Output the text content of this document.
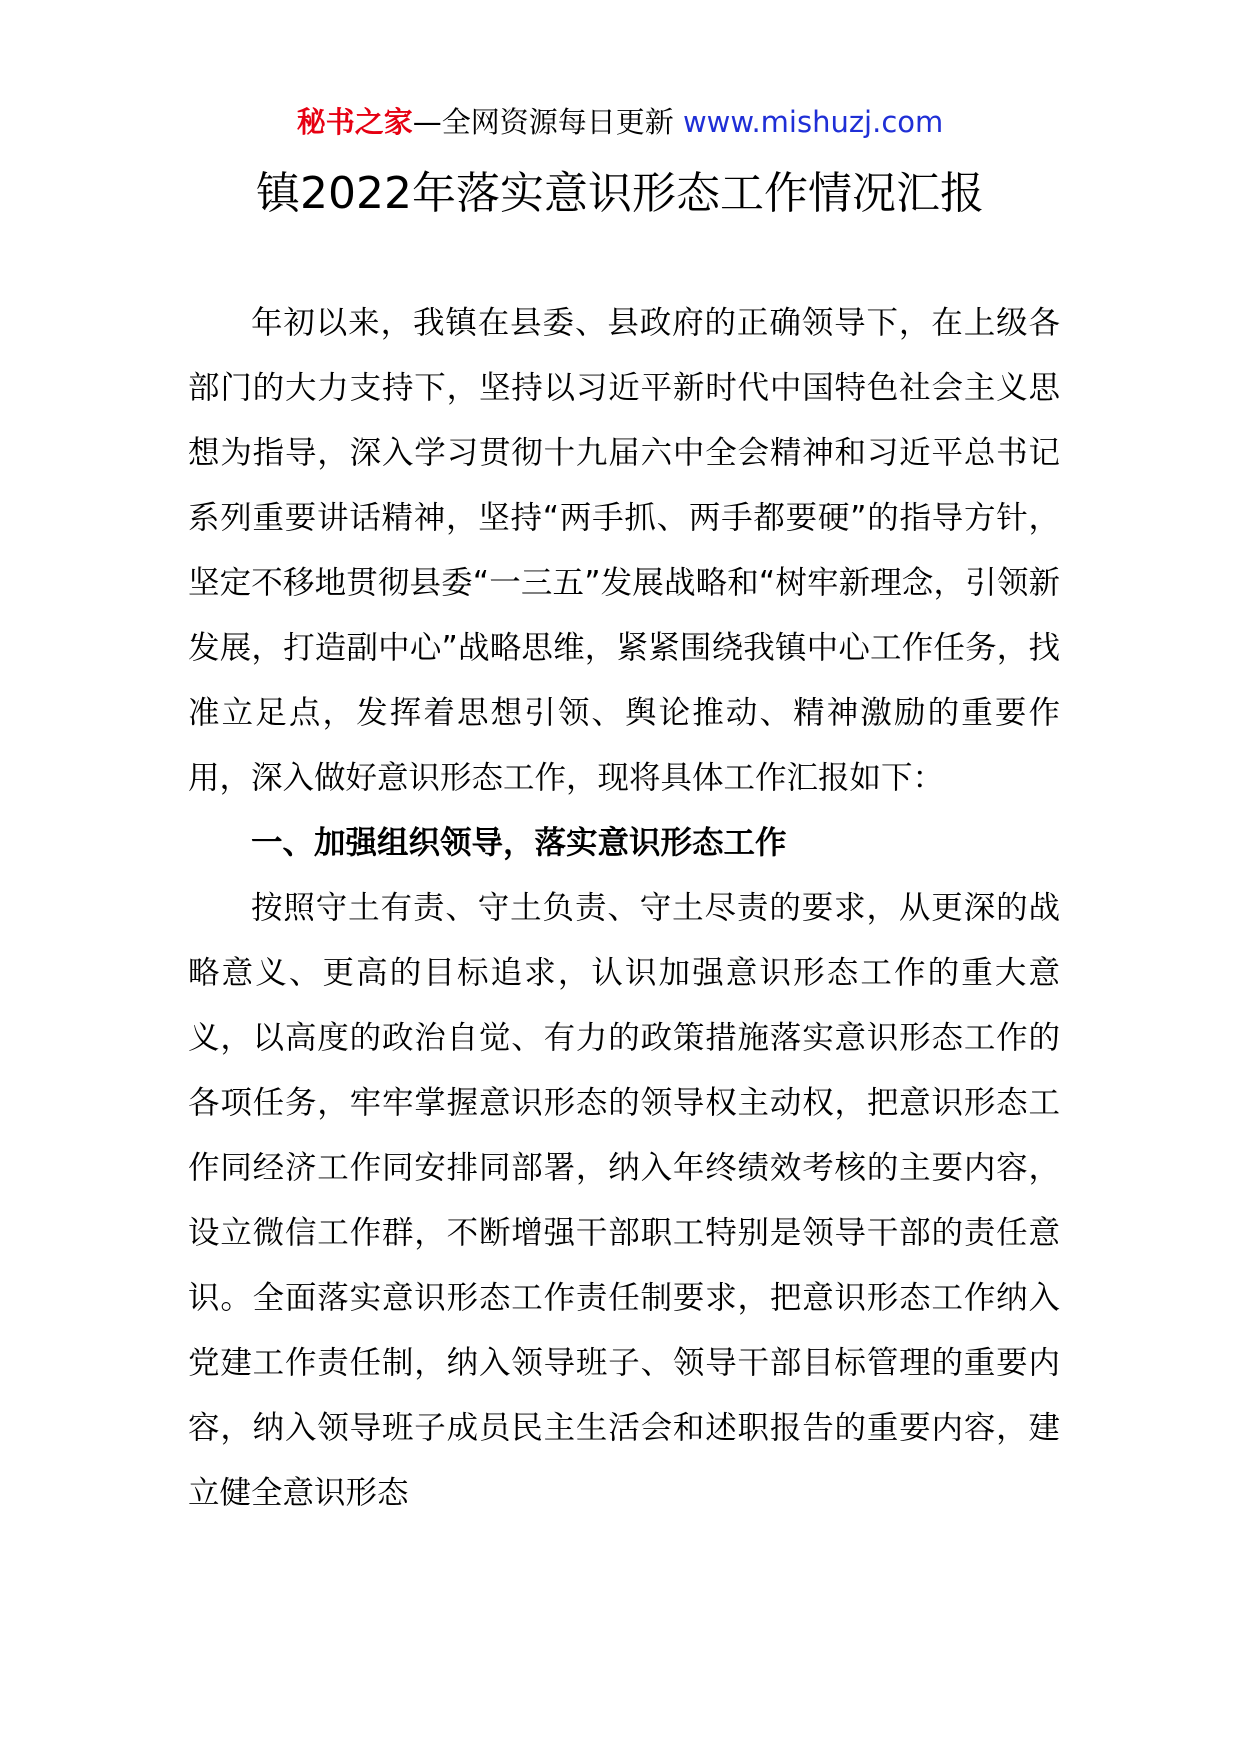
秘书之家—全网资源每日更新 www.mishuzj.com
镇2022年落实意识形态工作情况汇报

年初以来，我镇在县委、县政府的正确领导下，在上级各部门的大力支持下，坚持以习近平新时代中国特色社会主义思想为指导，深入学习贯彻十九届六中全会精神和习近平总书记系列重要讲话精神，坚持“两手抓、两手都要硬”的指导方针，坚定不移地贯彻县委“一三五”发展战略和“树牢新理念，引领新发展，打造副中心”战略思维，紧紧围绕我镇中心工作任务，找准立足点，发挥着思想引领、舆论推动、精神激励的重要作用，深入做好意识形态工作，现将具体工作汇报如下：

一、加强组织领导，落实意识形态工作

按照守土有责、守土负责、守土尽责的要求，从更深的战略意义、更高的目标追求，认识加强意识形态工作的重大意义，以高度的政治自觉、有力的政策措施落实意识形态工作的各项任务，牢牢掌握意识形态的领导权主动权，把意识形态工作同经济工作同安排同部署，纳入年终绩效考核的主要内容，设立微信工作群，不断增强干部职工特别是领导干部的责任意识。全面落实意识形态工作责任制要求，把意识形态工作纳入党建工作责任制，纳入领导班子、领导干部目标管理的重要内容，纳入领导班子成员民主生活会和述职报告的重要内容，建立健全意识形态
